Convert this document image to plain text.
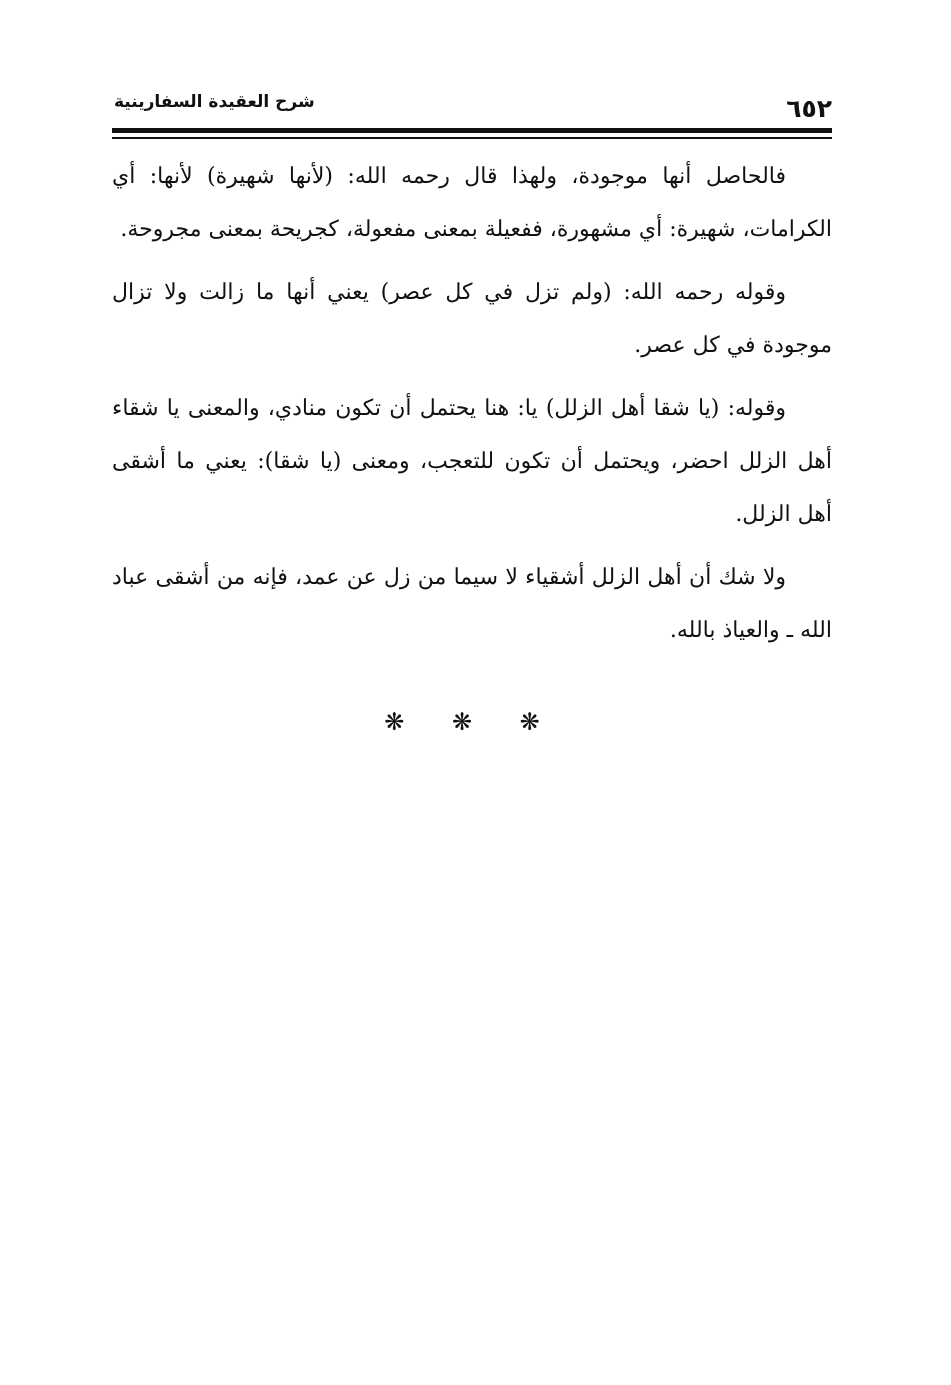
٦٥٢
شرح العقيدة السفارينية

فالحاصل أنها موجودة، ولهذا قال رحمه الله: (لأنها شهيرة) لأنها: أي الكرامات، شهيرة: أي مشهورة، ففعيلة بمعنى مفعولة، كجريحة بمعنى مجروحة.

وقوله رحمه الله: (ولم تزل في كل عصر) يعني أنها ما زالت ولا تزال موجودة في كل عصر.

وقوله: (يا شقا أهل الزلل) يا: هنا يحتمل أن تكون منادي، والمعنى يا شقاء أهل الزلل احضر، ويحتمل أن تكون للتعجب، ومعنى (يا شقا): يعني ما أشقى أهل الزلل.

ولا شك أن أهل الزلل أشقياء لا سيما من زل عن عمد، فإنه من أشقى عباد الله ـ والعياذ بالله.

❋ ❋ ❋
